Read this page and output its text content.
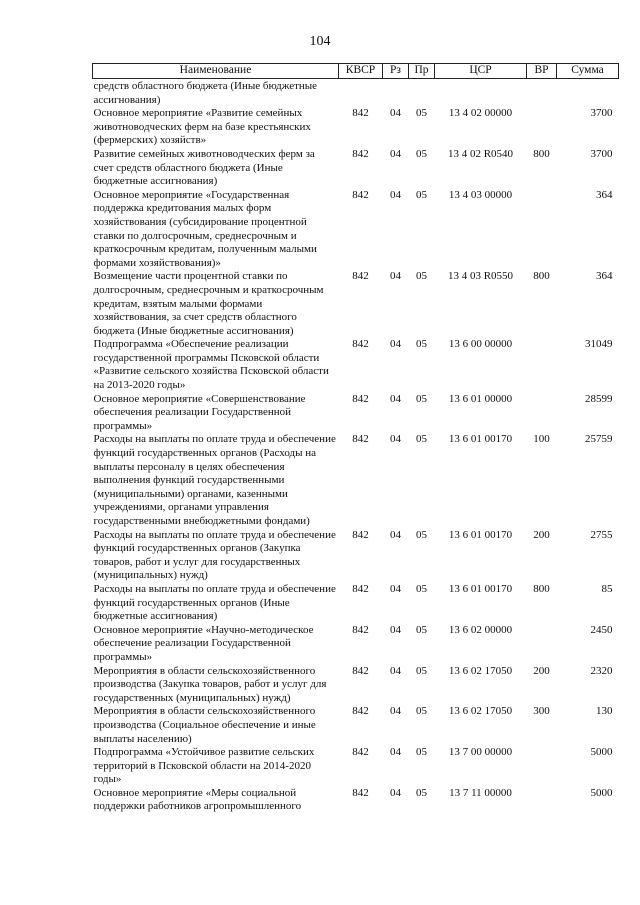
104
Наименование	КВСР	Рз	Пр	ЦСР	ВР	Сумма
средств областного бюджета (Иные бюджетные ассигнования)						
Основное мероприятие «Развитие семейных животноводческих ферм на базе крестьянских (фермерских) хозяйств»	842	04	05	13 4 02 00000		3700
Развитие семейных животноводческих ферм за счет средств областного бюджета (Иные бюджетные ассигнования)	842	04	05	13 4 02 R0540	800	3700
Основное мероприятие «Государственная поддержка кредитования малых форм хозяйствования (субсидирование процентной ставки по долгосрочным, среднесрочным и краткосрочным кредитам, полученным малыми формами хозяйствования)»	842	04	05	13 4 03 00000		364
Возмещение части процентной ставки по долгосрочным, среднесрочным и краткосрочным кредитам, взятым малыми формами хозяйствования, за счет средств областного бюджета (Иные бюджетные ассигнования)	842	04	05	13 4 03 R0550	800	364
Подпрограмма «Обеспечение реализации государственной программы Псковской области «Развитие сельского хозяйства Псковской области на 2013-2020 годы»	842	04	05	13 6 00 00000		31049
Основное мероприятие «Совершенствование обеспечения реализации Государственной программы»	842	04	05	13 6 01 00000		28599
Расходы на выплаты по оплате труда и обеспечение функций государственных органов (Расходы на выплаты персоналу в целях обеспечения выполнения функций государственными (муниципальными) органами, казенными учреждениями, органами управления государственными внебюджетными фондами)	842	04	05	13 6 01 00170	100	25759
Расходы на выплаты по оплате труда и обеспечение функций государственных органов (Закупка товаров, работ и услуг для государственных (муниципальных) нужд)	842	04	05	13 6 01 00170	200	2755
Расходы на выплаты по оплате труда и обеспечение функций государственных органов (Иные бюджетные ассигнования)	842	04	05	13 6 01 00170	800	85
Основное мероприятие «Научно-методическое обеспечение реализации Государственной программы»	842	04	05	13 6 02 00000		2450
Мероприятия в области сельскохозяйственного производства (Закупка товаров, работ и услуг для государственных (муниципальных) нужд)	842	04	05	13 6 02 17050	200	2320
Мероприятия в области сельскохозяйственного производства (Социальное обеспечение и иные выплаты населению)	842	04	05	13 6 02 17050	300	130
Подпрограмма «Устойчивое развитие сельских территорий в Псковской области на 2014-2020 годы»	842	04	05	13 7 00 00000		5000
Основное мероприятие «Меры социальной поддержки работников агропромышленного	842	04	05	13 7 11 00000		5000
